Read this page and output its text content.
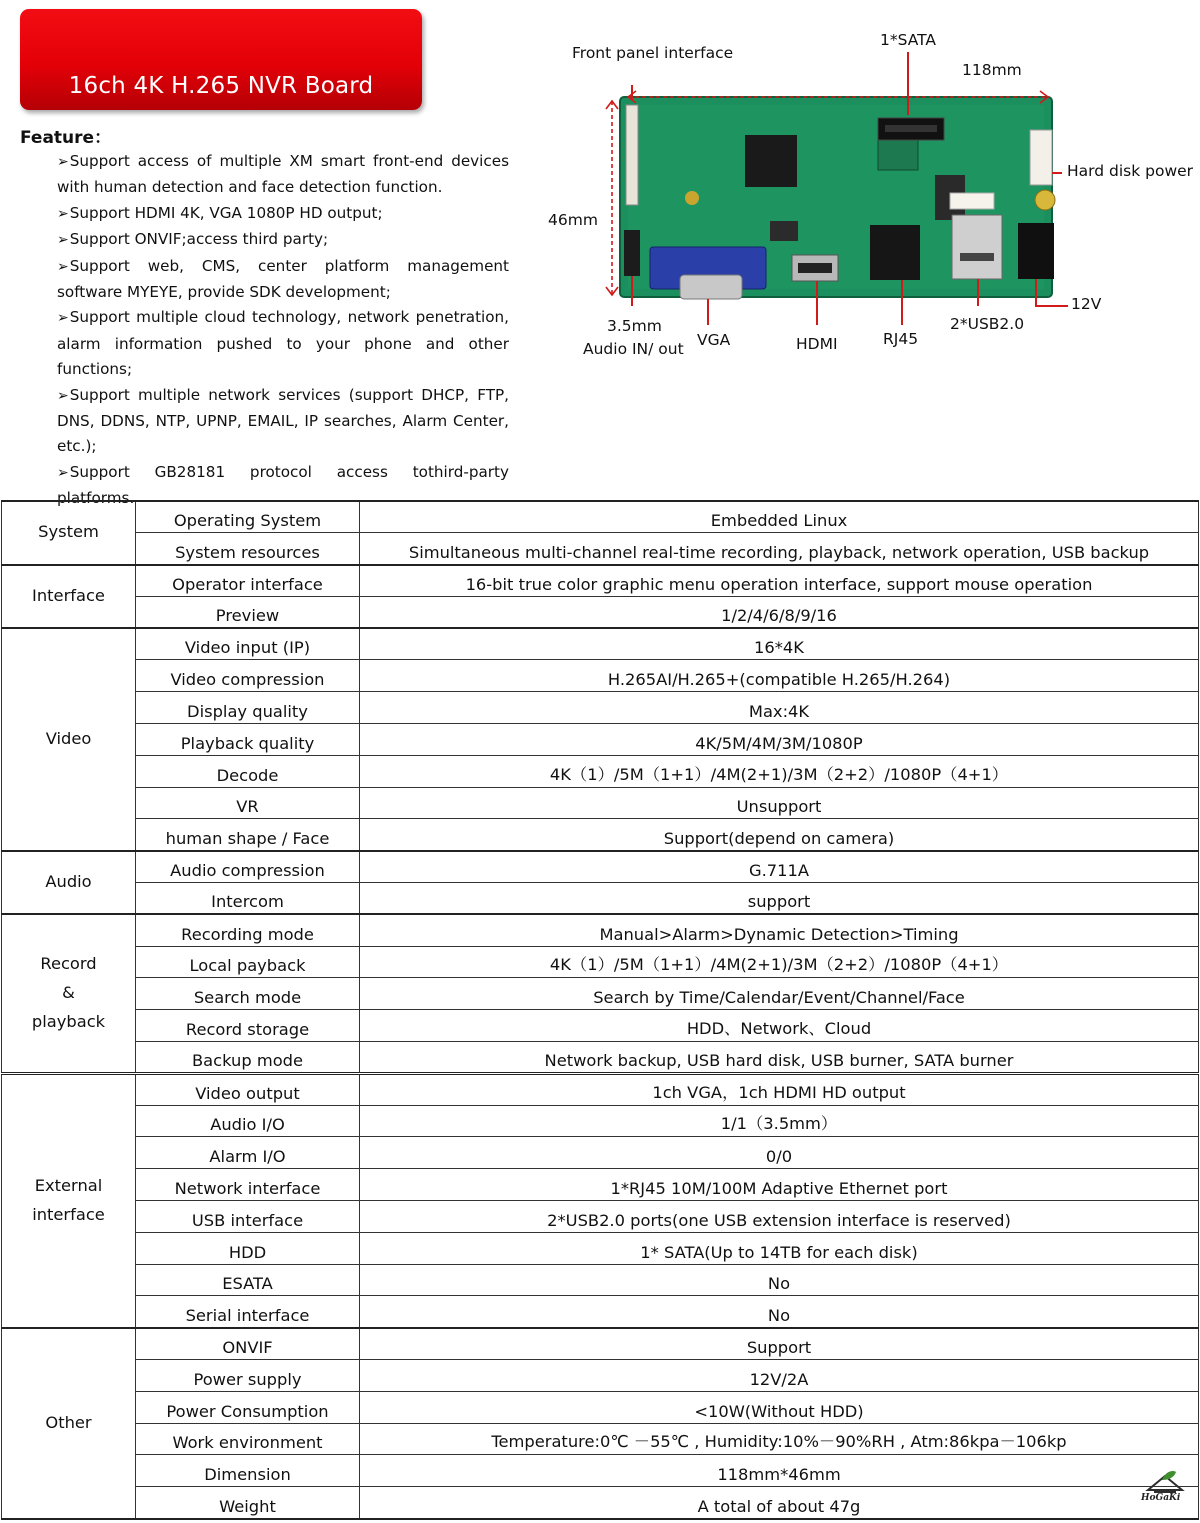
16ch 4K H.265 NVR Board
Feature：
➢Support access of multiple XM smart front-end devices with human detection and face detection function.
➢Support HDMI 4K, VGA 1080P HD output;
➢Support ONVIF;access third party;
➢Support web, CMS, center platform management software MYEYE, provide SDK development;
➢Support multiple cloud technology, network penetration, alarm information pushed to your phone and other functions;
➢Support multiple network services (support DHCP, FTP, DNS, DDNS, NTP, UPNP, EMAIL, IP searches, Alarm Center, etc.);
➢Support GB28181 protocol access tothird-party platforms.
Front panel interface
1*SATA
118mm
46mm
Hard disk power
12V
2*USB2.0
3.5mm
Audio IN/ out VGA	HDMI	RJ45
System	Operating System	Embedded Linux
	System resources	Simultaneous multi-channel real-time recording, playback, network operation, USB backup
Interface	Operator interface	16-bit true color graphic menu operation interface, support mouse operation
	Preview	1/2/4/6/8/9/16
Video	Video input (IP)	16*4K
	Video compression	H.265AI/H.265+(compatible H.265/H.264)
	Display quality	Max:4K
	Playback quality	4K/5M/4M/3M/1080P
	Decode	4K（1）/5M（1+1）/4M(2+1)/3M（2+2）/1080P（4+1）
	VR	Unsupport
	human shape / Face	Support(depend on camera)
Audio	Audio compression	G.711A
	Intercom	support

Record
&
playback	Recording mode	Manual>Alarm>Dynamic Detection>Timing
	Local payback	4K（1）/5M（1+1）/4M(2+1)/3M（2+2）/1080P（4+1）
	Search mode	Search by Time/Calendar/Event/Channel/Face
	Record storage	HDD、Network、Cloud
	Backup mode	Network backup, USB hard disk, USB burner, SATA burner

External
interface	Video output	1ch VGA，1ch HDMI HD output
	Audio I/O	1/1（3.5mm）
	Alarm I/O	0/0
	Network interface	1*RJ45 10M/100M Adaptive Ethernet port
	USB interface	2*USB2.0 ports(one USB extension interface is reserved)
	HDD	1* SATA(Up to 14TB for each disk)
	ESATA	No
	Serial interface	No
Other	ONVIF	Support
	Power supply	12V/2A
	Power Consumption	<10W(Without HDD)
	Work environment	Temperature:0℃ －55℃ , Humidity:10%－90%RH , Atm:86kpa－106kp
	Dimension	118mm*46mm
	Weight	A total of about 47g	HoGaKi
